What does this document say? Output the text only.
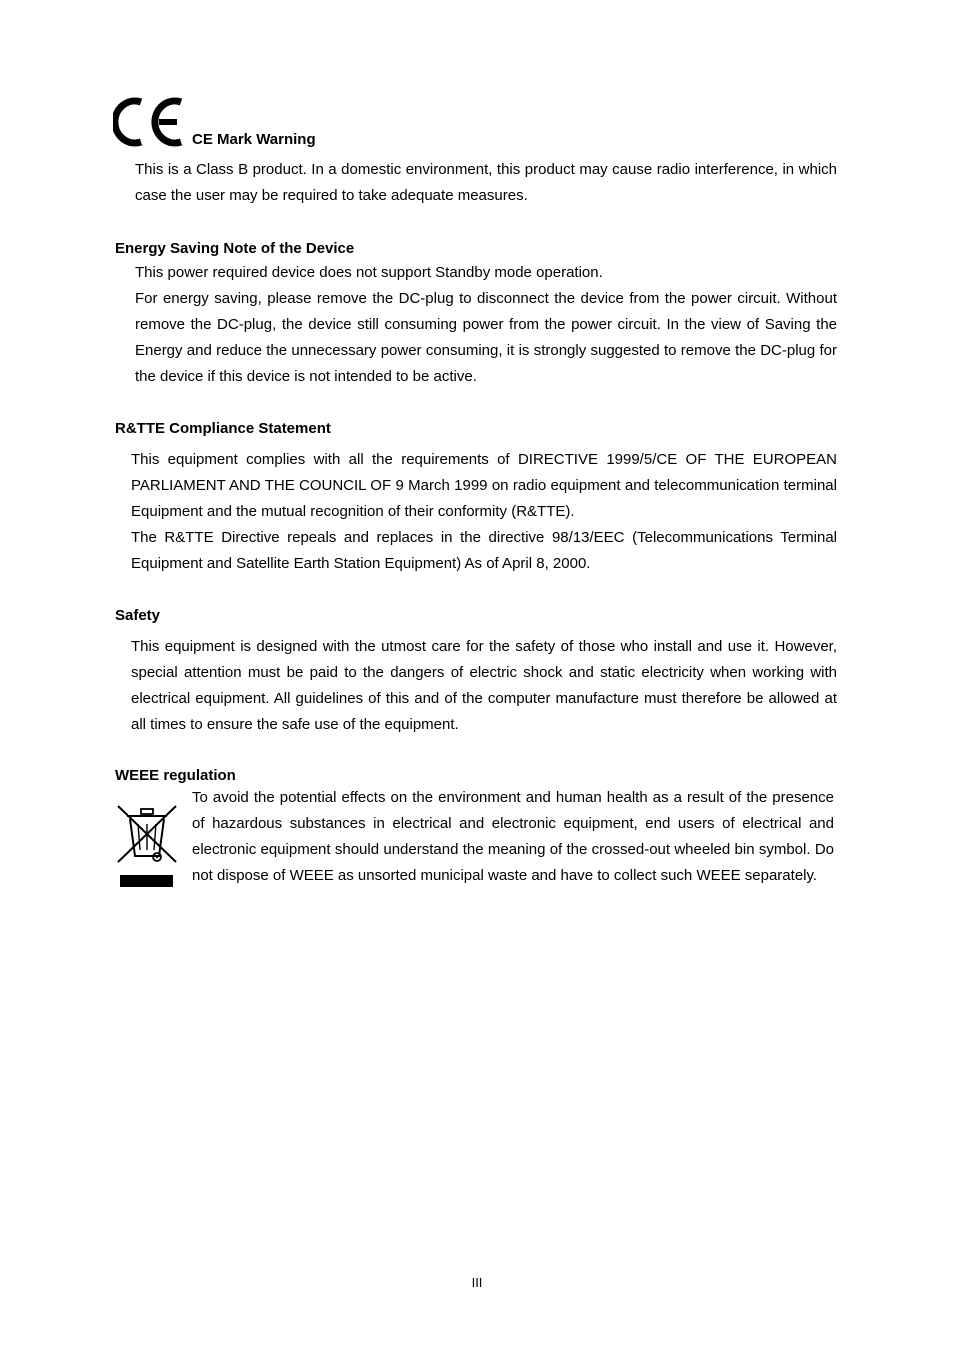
CE Mark Warning

This is a Class B product. In a domestic environment, this product may cause radio interference, in which case the user may be required to take adequate measures.

Energy Saving Note of the Device

This power required device does not support Standby mode operation.

For energy saving, please remove the DC-plug to disconnect the device from the power circuit. Without remove the DC-plug, the device still consuming power from the power circuit. In the view of Saving the Energy and reduce the unnecessary power consuming, it is strongly suggested to remove the DC-plug for the device if this device is not intended to be active.

R&TTE Compliance Statement

This equipment complies with all the requirements of DIRECTIVE 1999/5/CE OF THE EUROPEAN PARLIAMENT AND THE COUNCIL OF 9 March 1999 on radio equipment and telecommunication terminal Equipment and the mutual recognition of their conformity (R&TTE).

The R&TTE Directive repeals and replaces in the directive 98/13/EEC (Telecommunications Terminal Equipment and Satellite Earth Station Equipment) As of April 8, 2000.

Safety

This equipment is designed with the utmost care for the safety of those who install and use it. However, special attention must be paid to the dangers of electric shock and static electricity when working with electrical equipment. All guidelines of this and of the computer manufacture must therefore be allowed at all times to ensure the safe use of the equipment.

WEEE regulation

To avoid the potential effects on the environment and human health as a result of the presence of hazardous substances in electrical and electronic equipment, end users of electrical and electronic equipment should understand the meaning of the crossed-out wheeled bin symbol. Do not dispose of WEEE as unsorted municipal waste and have to collect such WEEE separately.

III
